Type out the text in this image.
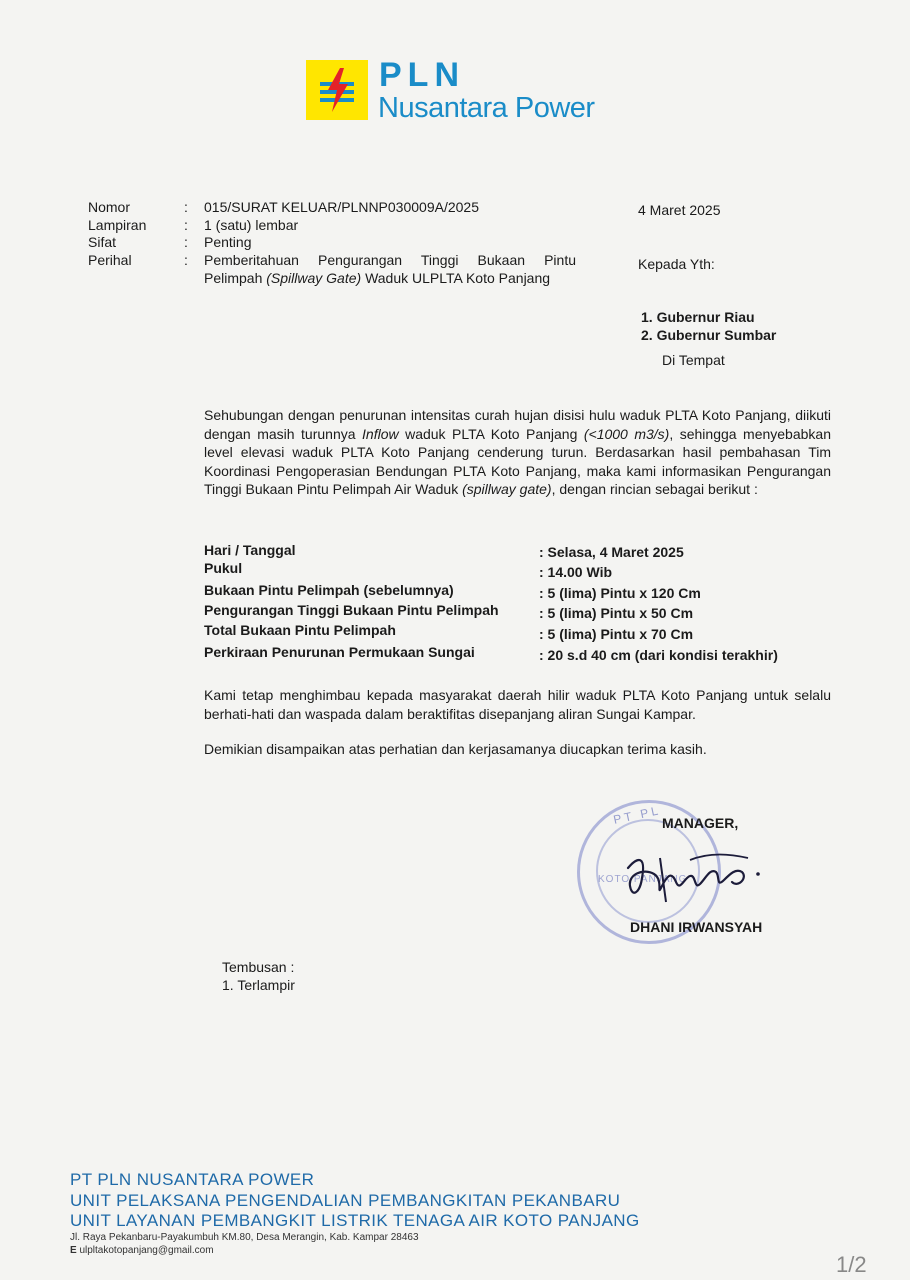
PLN
Nusantara Power
Nomor	: 015/SURAT KELUAR/PLNNP030009A/2025
Lampiran	: 1 (satu) lembar
Sifat	: Penting
Perihal	: Pemberitahuan Pengurangan Tinggi Bukaan Pintu Pelimpah (Spillway Gate) Waduk ULPLTA Koto Panjang
4 Maret 2025
Kepada Yth:
1. Gubernur Riau
2. Gubernur Sumbar
Di Tempat
Sehubungan dengan penurunan intensitas curah hujan disisi hulu waduk PLTA Koto Panjang, diikuti dengan masih turunnya Inflow waduk PLTA Koto Panjang (<1000 m3/s), sehingga menyebabkan level elevasi waduk PLTA Koto Panjang cenderung turun. Berdasarkan hasil pembahasan Tim Koordinasi Pengoperasian Bendungan PLTA Koto Panjang, maka kami informasikan Pengurangan Tinggi Bukaan Pintu Pelimpah Air Waduk (spillway gate), dengan rincian sebagai berikut :
Hari / Tanggal	: Selasa, 4 Maret 2025
Pukul	: 14.00 Wib
Bukaan Pintu Pelimpah (sebelumnya)	: 5 (lima) Pintu x 120 Cm
Pengurangan Tinggi Bukaan Pintu Pelimpah	: 5 (lima) Pintu x 50 Cm
Total Bukaan Pintu Pelimpah	: 5 (lima) Pintu x 70 Cm
Perkiraan Penurunan Permukaan Sungai	: 20 s.d 40 cm (dari kondisi terakhir)
Kami tetap menghimbau kepada masyarakat daerah hilir waduk PLTA Koto Panjang untuk selalu berhati-hati dan waspada dalam beraktifitas disepanjang aliran Sungai Kampar.
Demikian disampaikan atas perhatian dan kerjasamanya diucapkan terima kasih.
PT PL
KOTO PANJANG
MANAGER,
DHANI IRWANSYAH
Tembusan :
1. Terlampir
PT PLN NUSANTARA POWER
UNIT PELAKSANA PENGENDALIAN PEMBANGKITAN PEKANBARU
UNIT LAYANAN PEMBANGKIT LISTRIK TENAGA AIR KOTO PANJANG
Jl. Raya Pekanbaru-Payakumbuh KM.80, Desa Merangin, Kab. Kampar 28463
E ulpltakotopanjang@gmail.com
1/2
